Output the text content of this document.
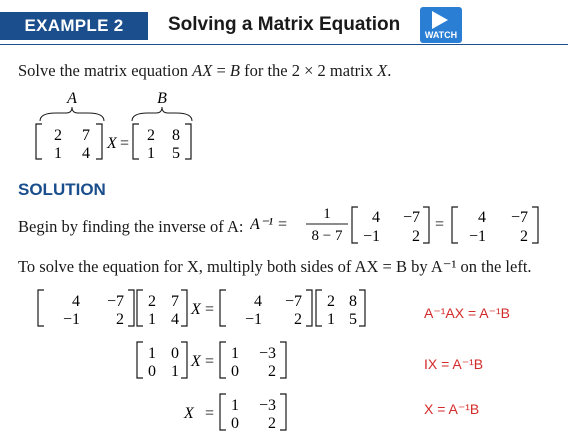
EXAMPLE 2	Solving a Matrix Equation	WATCH
Solve the matrix equation AX = B for the 2 × 2 matrix X.
A	B
2 7
1 4
X = 2 8
1 5
SOLUTION
Begin by finding the inverse of A: A⁻¹ =
1
8 − 7
4 −7
−1 2
= 4 −7
−1 2
To solve the equation for X, multiply both sides of AX = B by A⁻¹ on the left.
4 −7
−1 2
2 7
1 4
X = 4 −7
−1 2
2 8
1 5
1 0
0 1
X = 1 −3
0 2
X = 1 −3
0 2
A⁻¹AX = A⁻¹B
IX = A⁻¹B
X = A⁻¹B
